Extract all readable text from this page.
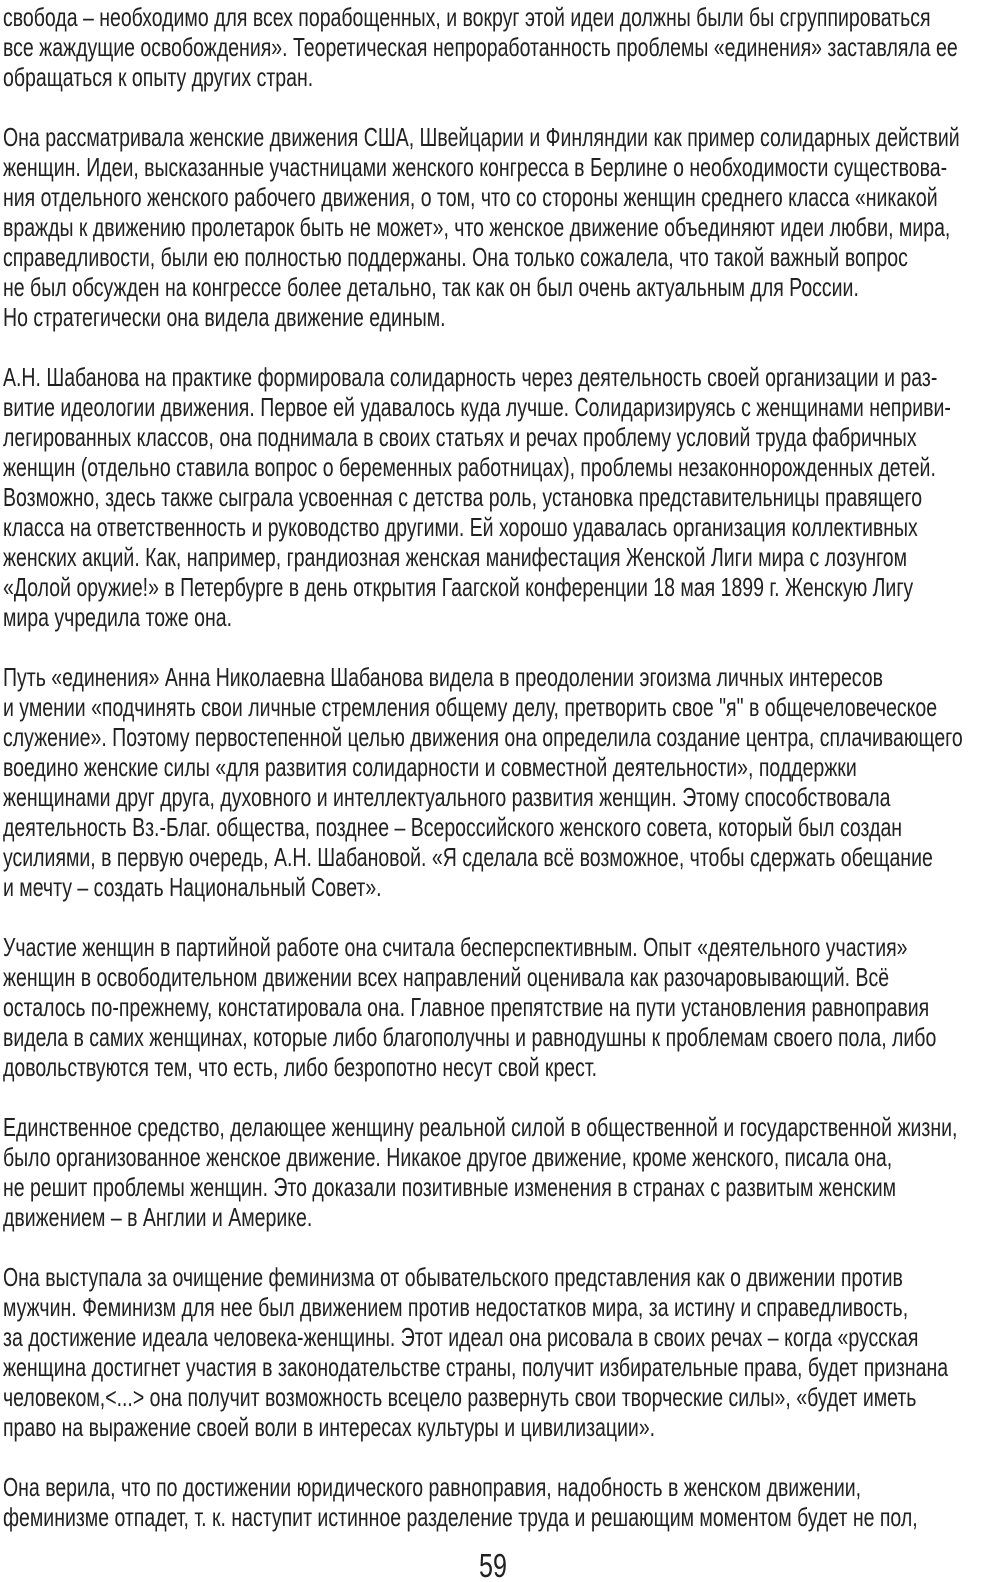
свобода – необходимо для всех порабощенных, и вокруг этой идеи должны были бы сгруппироваться
все жаждущие освобождения». Теоретическая непроработанность проблемы «единения» заставляла ее
обращаться к опыту других стран.
Она рассматривала женские движения США, Швейцарии и Финляндии как пример солидарных действий
женщин. Идеи, высказанные участницами женского конгресса в Берлине о необходимости существова-
ния отдельного женского рабочего движения, о том, что со стороны женщин среднего класса «никакой
вражды к движению пролетарок быть не может», что женское движение объединяют идеи любви, мира,
справедливости, были ею полностью поддержаны. Она только сожалела, что такой важный вопрос
не был обсужден на конгрессе более детально, так как он был очень актуальным для России.
Но стратегически она видела движение единым.
А.Н. Шабанова на практике формировала солидарность через деятельность своей организации и раз-
витие идеологии движения. Первое ей удавалось куда лучше. Солидаризируясь с женщинами неприви-
легированных классов, она поднимала в своих статьях и речах проблему условий труда фабричных
женщин (отдельно ставила вопрос о беременных работницах), проблемы незаконнорожденных детей.
Возможно, здесь также сыграла усвоенная с детства роль, установка представительницы правящего
класса на ответственность и руководство другими. Ей хорошо удавалась организация коллективных
женских акций. Как, например, грандиозная женская манифестация Женской Лиги мира с лозунгом
«Долой оружие!» в Петербурге в день открытия Гаагской конференции 18 мая 1899 г. Женскую Лигу
мира учредила тоже она.
Путь «единения» Анна Николаевна Шабанова видела в преодолении эгоизма личных интересов
и умении «подчинять свои личные стремления общему делу, претворить свое "я" в общечеловеческое
служение». Поэтому первостепенной целью движения она определила создание центра, сплачивающего
воедино женские силы «для развития солидарности и совместной деятельности», поддержки
женщинами друг друга, духовного и интеллектуального развития женщин. Этому способствовала
деятельность Вз.-Благ. общества, позднее – Всероссийского женского совета, который был создан
усилиями, в первую очередь, А.Н. Шабановой. «Я сделала всё возможное, чтобы сдержать обещание
и мечту – создать Национальный Совет».
Участие женщин в партийной работе она считала бесперспективным. Опыт «деятельного участия»
женщин в освободительном движении всех направлений оценивала как разочаровывающий. Всё
осталось по-прежнему, констатировала она. Главное препятствие на пути установления равноправия
видела в самих женщинах, которые либо благополучны и равнодушны к проблемам своего пола, либо
довольствуются тем, что есть, либо безропотно несут свой крест.
Единственное средство, делающее женщину реальной силой в общественной и государственной жизни,
было организованное женское движение. Никакое другое движение, кроме женского, писала она,
не решит проблемы женщин. Это доказали позитивные изменения в странах с развитым женским
движением – в Англии и Америке.
Она выступала за очищение феминизма от обывательского представления как о движении против
мужчин. Феминизм для нее был движением против недостатков мира, за истину и справедливость,
за достижение идеала человека-женщины. Этот идеал она рисовала в своих речах – когда «русская
женщина достигнет участия в законодательстве страны, получит избирательные права, будет признана
человеком,<...> она получит возможность всецело развернуть свои творческие силы», «будет иметь
право на выражение своей воли в интересах культуры и цивилизации».
Она верила, что по достижении юридического равноправия, надобность в женском движении,
феминизме отпадет, т. к. наступит истинное разделение труда и решающим моментом будет не пол,
59
